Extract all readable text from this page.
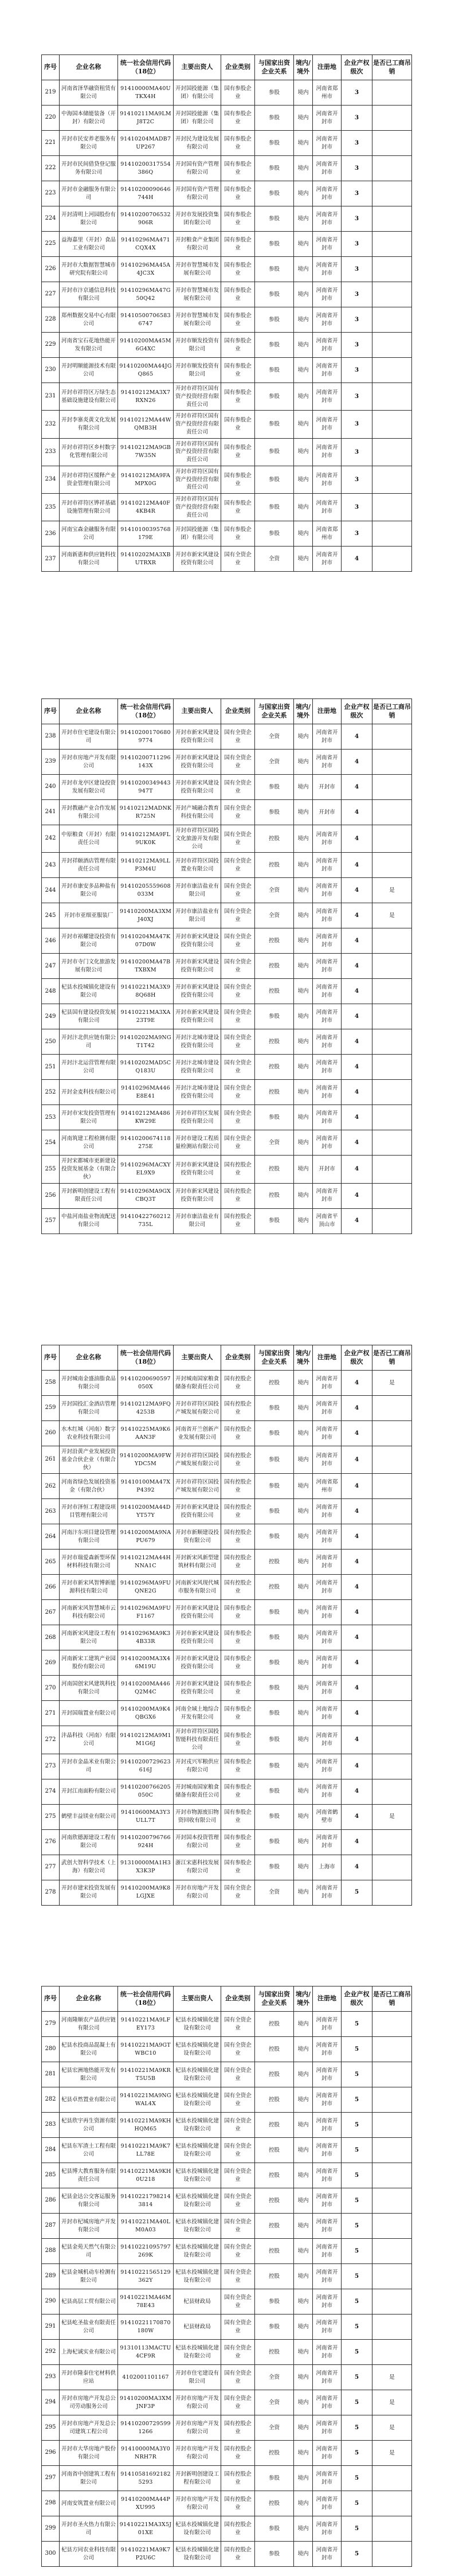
序号	企业名称	统一社会信用代码（18位）	主要出资人	企业类别	与国家出资企业关系	境内/境外	注册地	企业产权级次	是否已工商吊销
219	河南省泽华融资租赁有限公司	91410000MA40UTKX4H	开封国投能源（集团）有限公司	国有参股企业	参股	境内	河南省郑州市	3	
220	中海国本储能装备（开封）有限公司	91410211MA9LMJ8T2C	开封国投能源（集团）有限公司	国有参股企业	参股	境内	河南省开封市	3	
221	开封市民安养老服务有限公司	91410204MADB7UP267	开封民为建设发展有限公司	国有参股企业	参股	境内	河南省开封市	3	
222	开封市民间借贷登记服务有限公司	91410200317554386Q	开封国有资产管理有限公司	国有参股企业	参股	境内	河南省开封市	3	
223	开封市金融服务有限公司	91410200090646744H	开封国有资产管理有限公司	国有参股企业	参股	境内	河南省开封市	3	
224	开封清明上河园股份有限公司	91410200706532906R	开封市发展投资集团有限公司	国有参股企业	参股	境内	河南省开封市	3	
225	益海嘉里（开封）食品工业有限公司	91410296MA471CQX4X	开封粮食产业集团有限公司	国有参股企业	参股	境内	河南省开封市	3	
226	开封市大数据智慧城市研究院有限公司	91410296MA45A4JC3X	开封市智慧城市发展有限公司	国有参股企业	参股	境内	河南省开封市	3	
227	开封市汴京通信息科技有限公司	91410296MA47G50Q42	开封市智慧城市发展有限公司	国有参股企业	参股	境内	河南省开封市	3	
228	郑州数据交易中心有限公司	914105007065836747	开封市智慧城市发展有限公司	国有参股企业	参股	境内	河南省开封市	3	
229	河南省宝石花地热能开发有限公司	91410200MA45M6G4XC	开封市顺发投资有限公司	国有参股企业	参股	境内	河南省开封市	3	
230	开封明顺能源技术有限公司	91410200MA44JGQ865	开封市顺发投资有限公司	国有参股企业	参股	境内	河南省开封市	3	
231	开封市祥符区万绿生态基础设施建设有限公司	91410212MA3X7RXN26	开封市祥符区国有资产投资经营有限责任公司	国有参股企业	参股	境内	河南省开封市	3	
232	开封李寨炎黄文化发展有限公司	91410212MA44WQMB3H	开封市祥符区国有资产投资经营有限责任公司	国有参股企业	参股	境内	河南省开封市	3	
233	开封市祥符区乡村数字化管理有限公司	91410212MA9GB7W35N	开封市祥符区国有资产投资经营有限责任公司	国有参股企业	参股	境内	河南省开封市	3	
234	开封市祥符区缓释产业资金管理有限公司	91410212MA9FAMPX0G	开封市祥符区国有资产投资经营有限责任公司	国有参股企业	参股	境内	河南省开封市	3	
235	开封市祥符区铧祥基础设施管理有限公司	91410212MA40F4KB4R	开封市祥符区国有资产投资经营有限责任公司	国有参股企业	参股	境内	河南省开封市	3	
236	河南宝森金融服务有限公司	91410100395768179E	开封国投能源（集团）有限公司	国有参股企业	参股	境内	河南省郑州市	3	
237	河南新惠和供应链科技有限公司	91410202MA3XBUTRXR	开封市新宋风建设投资有限公司	国有全资企业	全资	境内	河南省开封市	4	
序号	企业名称	统一社会信用代码（18位）	主要出资人	企业类别	与国家出资企业关系	境内/境外	注册地	企业产权级次	是否已工商吊销
238	开封市住宅建设有限公司	914102001706809774	开封市新宋风建设投资有限公司	国有全资企业	全资	境内	河南省开封市	4	
239	开封市房地产开发有限公司	91410200711296143X	开封市新宋风建设投资有限公司	国有全资企业	全资	境内	河南省开封市	4	
240	开封市龙亭区建设投资发展有限公司	91410200349443947T	开封市新宋风建设投资有限公司	国有全资企业	参股	境内	开封市	4	
241	开封教融产业合作发展有限公司	91410212MADNKR725N	开封产城融合教育科技有限公司	国有全资企业	参股	境内	开封市	4	
242	中原粮食（开封）有限责任公司	91410212MA9FL9UK0K	开封市祥符区国投文化旅游开发有限公司	国有全资企业	控股	境内	河南省开封市	4	
243	开封祥颐酒店管理有限责任公司	91410212MA9LLP3M4U	开封市祥符区国投置业有限公司	国有全资企业	控股	境内	河南省开封市	4	
244	开封市康安多品种盐有限公司	91410205559608033M	开封市康洁盐业有限公司	国有全资企业	全资	境内	河南省开封市	4	是
245	开封市亚细亚服装厂	91410200MA3XMJ40XJ	开封市康洁盐业有限公司	国有全资企业	全资	境内	河南省开封市	4	是
246	开封市裕耀建设投资有限公司	91410204MA47K07D0W	开封市新宋风建设投资有限公司	国有全资企业	控股	境内	河南省开封市	4	
247	开封市寺门文化旅游发展有限公司	91410200MA47BTXBXM	开封市新宋风建设投资有限公司	国有全资企业	控股	境内	河南省开封市	4	
248	杞县水投城镇化建设有限公司	91410221MA3X98Q68H	开封市新宋风建设投资有限公司	国有全资企业	控股	境内	河南省开封市	4	
249	杞县国有建设投资发展有限公司	91410221MA3XA23T9E	开封市新宋风建设投资有限公司	国有全资企业	参股	境内	河南省开封市	4	
250	开封汴北供应链有限公司	91410202MA9NGT1T42	开封汴北城市建设投资有限公司	国有全资企业	控股	境内	河南省开封市	4	
251	开封汴北运营管理有限公司	91410202MAD5CQ183U	开封汴北城市建设投资有限公司	国有全资企业	控股	境内	河南省开封市	4	
252	开封金麦科技有限公司	91410296MA446E8E41	开封汴北城市建设投资有限公司	国有全资企业	控股	境内	河南省开封市	4	
253	开封市宋发投资管理有限公司	91410212MA486KW29E	开封市祥符区发展投资有限公司	国有全资企业	参股	境内	河南省开封市	4	
254	河南筑建工程检测有限公司	91410200674118275E	开封市建设工程质量检测站有限公司	国有全资企业	全资	境内	河南省开封市	4	
255	开封宋都城市更新建设投资发展基金（有限合伙）	91410296MACXYEL9X9	开封市新宋风建设投资有限公司	国有控股企业	控股	境内	开封市	4	
256	开封新明创建设工程有限责任公司	91410296MA9GXCBQ3T	开封市新宋风建设投资有限公司	国有控股企业	控股	境内	河南省开封市	4	
257	中盐河南盐业物流配送有限公司	91410422760212735L	开封市康洁盐业有限公司	国有控股企业	参股	境内	河南省平顶山市	4	
序号	企业名称	统一社会信用代码（18位）	主要出资人	企业类别	与国家出资企业关系	境内/境外	注册地	企业产权级次	是否已工商吊销
258	开封城南金盛油脂食品有限公司	91410200690597050X	开封城南国家粮食储备有限责任公司	国有控股企业	控股	境内	河南省开封市	4	是
259	开封国投汇金酒店管理有限公司	91410212MA9FQ4253B	开封市祥符区国投产城发展有限公司	国有控股企业	参股	境内	河南省开封市	4	
260	水木红城（河南）数字农业科技有限公司	91410225MA9K6AAN3F	河南省开兰创新产业发展有限公司	国有控股企业	参股	境内	河南省开封市	4	
261	开封沿黄产业发展投资基金合伙企业（有限合伙）	91410200MA9FWYDC5M	开封市祥符区国投产城发展有限公司	国有控股企业	参股	境内	河南省开封市	4	
262	河南省绿色发展投资基金（有限合伙）	91410100MA47XP4392	开封市祥符区国投产城发展有限公司	国有控股企业	参股	境内	河南省郑州市	4	
263	开封市泽恒工程建设项目管理有限公司	91410200MA44DYT57Y	开封市新宋风建设投资有限公司	国有控股企业	参股	境内	河南省开封市	4	
264	河南汴东项目建设管理有限公司	91410200MA9NAPU679	开封市新顺建设投资有限公司	国有控股企业	参股	境内	河南省开封市	4	
265	开封市瑞爱森新型环保材料科技有限公司	91410212MA44HNNA1C	开封新宋风新型建筑材料有限公司	国有控股企业	控股	境内	河南省开封市	4	
266	开封市新宋风智博新能源科技有限公司	91410296MA9FUQNE2G	河南新宋风现代城市服务有限公司	国有控股企业	控股	境内	河南省开封市	4	
267	河南新宋风智慧城市云科技有限公司	91410296MA9FUF1167	开封市新宋风建设投资有限公司	国有参股企业	参股	境内	河南省开封市	4	
268	河南新宋风建设工程有限公司	91410296MA9K34B33R	开封市新宋风建设投资有限公司	国有参股企业	参股	境内	河南省开封市	4	
269	河南新宋工建筑产业园股份有限公司	91410200MA3X46M19U	开封市新宋风建设投资有限公司	国有参股企业	参股	境内	河南省开封市	4	
270	河南国创宋风建筑科技有限公司	91410200MA446Q2M4C	开封市新宋风建设投资有限公司	国有参股企业	参股	境内	河南省开封市	4	
271	开封国瑞置业有限公司	91410200MA9K4QBGX6	河南全域土地综合开发有限公司	国有参股企业	参股	境内	河南省开封市	4	
272	沣晶科技（河南）有限公司	91410212MA9M1M1G6J	开封市祥符区国投智能科技有限责任公司	国有参股企业	参股	境内	河南省开封市	4	
273	开封市金晶米业有限公司	91410200729623616J	开封戎兴军粮供应有限公司	国有参股企业	参股	境内	河南省开封市	4	
274	开封江南面粉有限公司	91410200766205050C	开封城南国家粮食储备有限责任公司	国有参股企业	参股	境内	河南省开封市	4	
275	鹤壁丰益镁业有限公司	91410600MA3Y3ULL7T	开封市物源废旧物资回收有限公司	国有参股企业	参股	境内	河南省鹤壁市	4	是
276	河南欣德源建设工程有限公司	91410200796766924H	开封国本投资管理有限公司	国有参股企业	参股	境内	河南省开封市	4	
277	武创大智科学技术（上海）有限公司	91310000MA1H3X3K3P	浙江宋惠科技发展有限公司	国有参股企业	参股	境内	上海市	4	
278	开封市建宋投资发展有限公司	91410200MA9K8LGJXE	开封市房地产开发有限公司	国有全资企业	全资	境内	河南省开封市	5	
序号	企业名称	统一社会信用代码（18位）	主要出资人	企业类别	与国家出资企业关系	境内/境外	注册地	企业产权级次	是否已工商吊销
279	河南隆顺农产品供应链有限公司	91410221MA9LFEY173	杞县水投城镇化建设有限公司	国有全资企业	控股	境内	河南省开封市	5	
280	杞县水投商品混凝土有限公司	91410221MA9GTWBC10	杞县水投城镇化建设有限公司	国有全资企业	控股	境内	河南省开封市	5	
281	杞县宏洲地热能开发有限公司	91410221MA9KRT5U5B	杞县水投城镇化建设有限公司	国有全资企业	控股	境内	河南省开封市	5	
282	杞县卓然置业有限公司	91410221MA9NGWAL4X	杞县水投城镇化建设有限公司	国有全资企业	控股	境内	河南省开封市	5	
283	杞县欣宇再生资源有限公司	91410221MA9KHHQM65	杞县水投城镇化建设有限公司	国有全资企业	控股	境内	河南省开封市	5	
284	杞县东军渣土工程有限公司	91410221MA9K7LL78E	杞县水投城镇化建设有限公司	国有全资企业	控股	境内	河南省开封市	5	
285	杞县博大教育服务有限责任公司	91410221MA9KH0U218	杞县水投城镇化建设有限公司	国有全资企业	控股	境内	河南省开封市	5	
286	杞县金达公交客运服务有限公司	914102217982143814	杞县水投城镇化建设有限公司	国有全资企业	控股	境内	河南省开封市	5	
287	开封市杞城房地产开发有限公司	91410221MA40LM0A03	杞县水投城镇化建设有限公司	国有全资企业	控股	境内	河南省开封市	5	
288	杞县金苑天然气有限公司	91410221095797269K	杞县水投城镇化建设有限公司	国有全资企业	控股	境内	河南省开封市	5	
289	杞县金城机动车检测有限公司	91410221565129362Y	杞县水投城镇化建设有限公司	国有全资企业	控股	境内	河南省开封市	5	
290	杞县高层工贸有限公司	91410221MA46M78E43	杞县财政局	国有全资企业	参股	境内	河南省开封市	5	
291	杞县屹圣盐业有限责任公司	91410221170870180W	杞县财政局	国有全资企业	参股	境内	河南省开封市	5	
292	上海杞诚实业有限公司	91310113MACTU4CF9R	杞县水投城镇化建设有限公司	国有全资企业	控股	境内	河南省开封市	5	
293	开封市隆泰住宅材料供应站	4102001101167	开封市住宅建设有限公司	国有全资企业	全资	境内	河南省开封市	5	是
294	开封市房地产开发总公司劳动服务公司	91410200MA3XMJNF3P	开封市房地产开发有限公司	国有全资企业	全资	境内	河南省开封市	5	是
295	开封市房地产开发总公司建筑工程公司	914102007295991266	开封市房地产开发有限公司	国有控股企业	全资	境内	河南省开封市	5	是
296	开封市大华房地产股份有限公司	91410000MA3Y0NRH7R	开封市房地产开发有限公司	国有控股企业	控股	境内	河南省开封市	5	是
297	河南省中创建筑工程有限公司	914105816921825293	开封新明创建设工程有限公司	国有控股企业	参股	境内	河南省开封市	5	
298	河南安筑置业有限公司	91410200MA44PXU995	开封市房地产开发有限公司	国有控股企业	控股	境内	河南省开封市	5	
299	开封市圣火热力有限公司	91410221MA3X5J01XE	杞县水投城镇化建设有限公司	国有控股企业	参股	境内	河南省开封市	5	
300	杞县方同农业科技有限公司	91410221MA9K7P2U6C	杞县水投城镇化建设有限公司	国有控股企业	参股	境内	河南省开封市	5	
